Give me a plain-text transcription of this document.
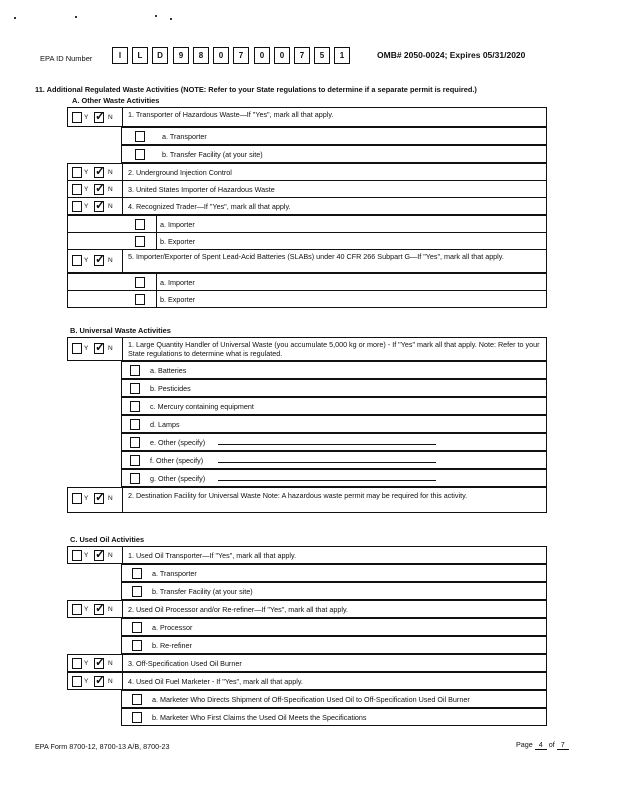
EPA ID Number	I	L	D	9	8	0	7	0	0	7	5	1	OMB# 2050-0024; Expires 05/31/2020
11. Additional Regulated Waste Activities (NOTE: Refer to your State regulations to determine if a separate permit is required.)
A. Other Waste Activities
Y ✓	N 1. Transporter of Hazardous Waste—If "Yes", mark all that apply.
a. Transporter
b. Transfer Facility (at your site)
Y ✓	N 2. Underground Injection Control
Y ✓	N 3. United States Importer of Hazardous Waste
Y ✓	N 4. Recognized Trader—If "Yes", mark all that apply.
a. Importer
b. Exporter
Y ✓	N 5. Importer/Exporter of Spent Lead-Acid Batteries (SLABs) under 40 CFR 266 Subpart G—If "Yes", mark all that apply.
a. Importer
b. Exporter
B. Universal Waste Activities
Y ✓	N 1. Large Quantity Handler of Universal Waste (you accumulate 5,000 kg or more) - If "Yes" mark all that apply. Note: Refer to your State regulations to determine what is regulated.
a. Batteries
b. Pesticides
c. Mercury containing equipment
d. Lamps
e. Other (specify)
f. Other (specify)
g. Other (specify)
Y ✓	N 2. Destination Facility for Universal Waste Note: A hazardous waste permit may be required for this activity.
C. Used Oil Activities
Y ✓	N 1. Used Oil Transporter—If "Yes", mark all that apply.
a. Transporter
b. Transfer Facility (at your site)
Y ✓	N 2. Used Oil Processor and/or Re-refiner—If "Yes", mark all that apply.
a. Processor
b. Re-refiner
Y ✓	N 3. Off-Specification Used Oil Burner
Y ✓	N 4. Used Oil Fuel Marketer - If "Yes", mark all that apply.
a. Marketer Who Directs Shipment of Off-Specification Used Oil to Off-Specification Used Oil Burner
b. Marketer Who First Claims the Used Oil Meets the Specifications
EPA Form 8700-12, 8700-13 A/B, 8700-23	Page 4 of 7
